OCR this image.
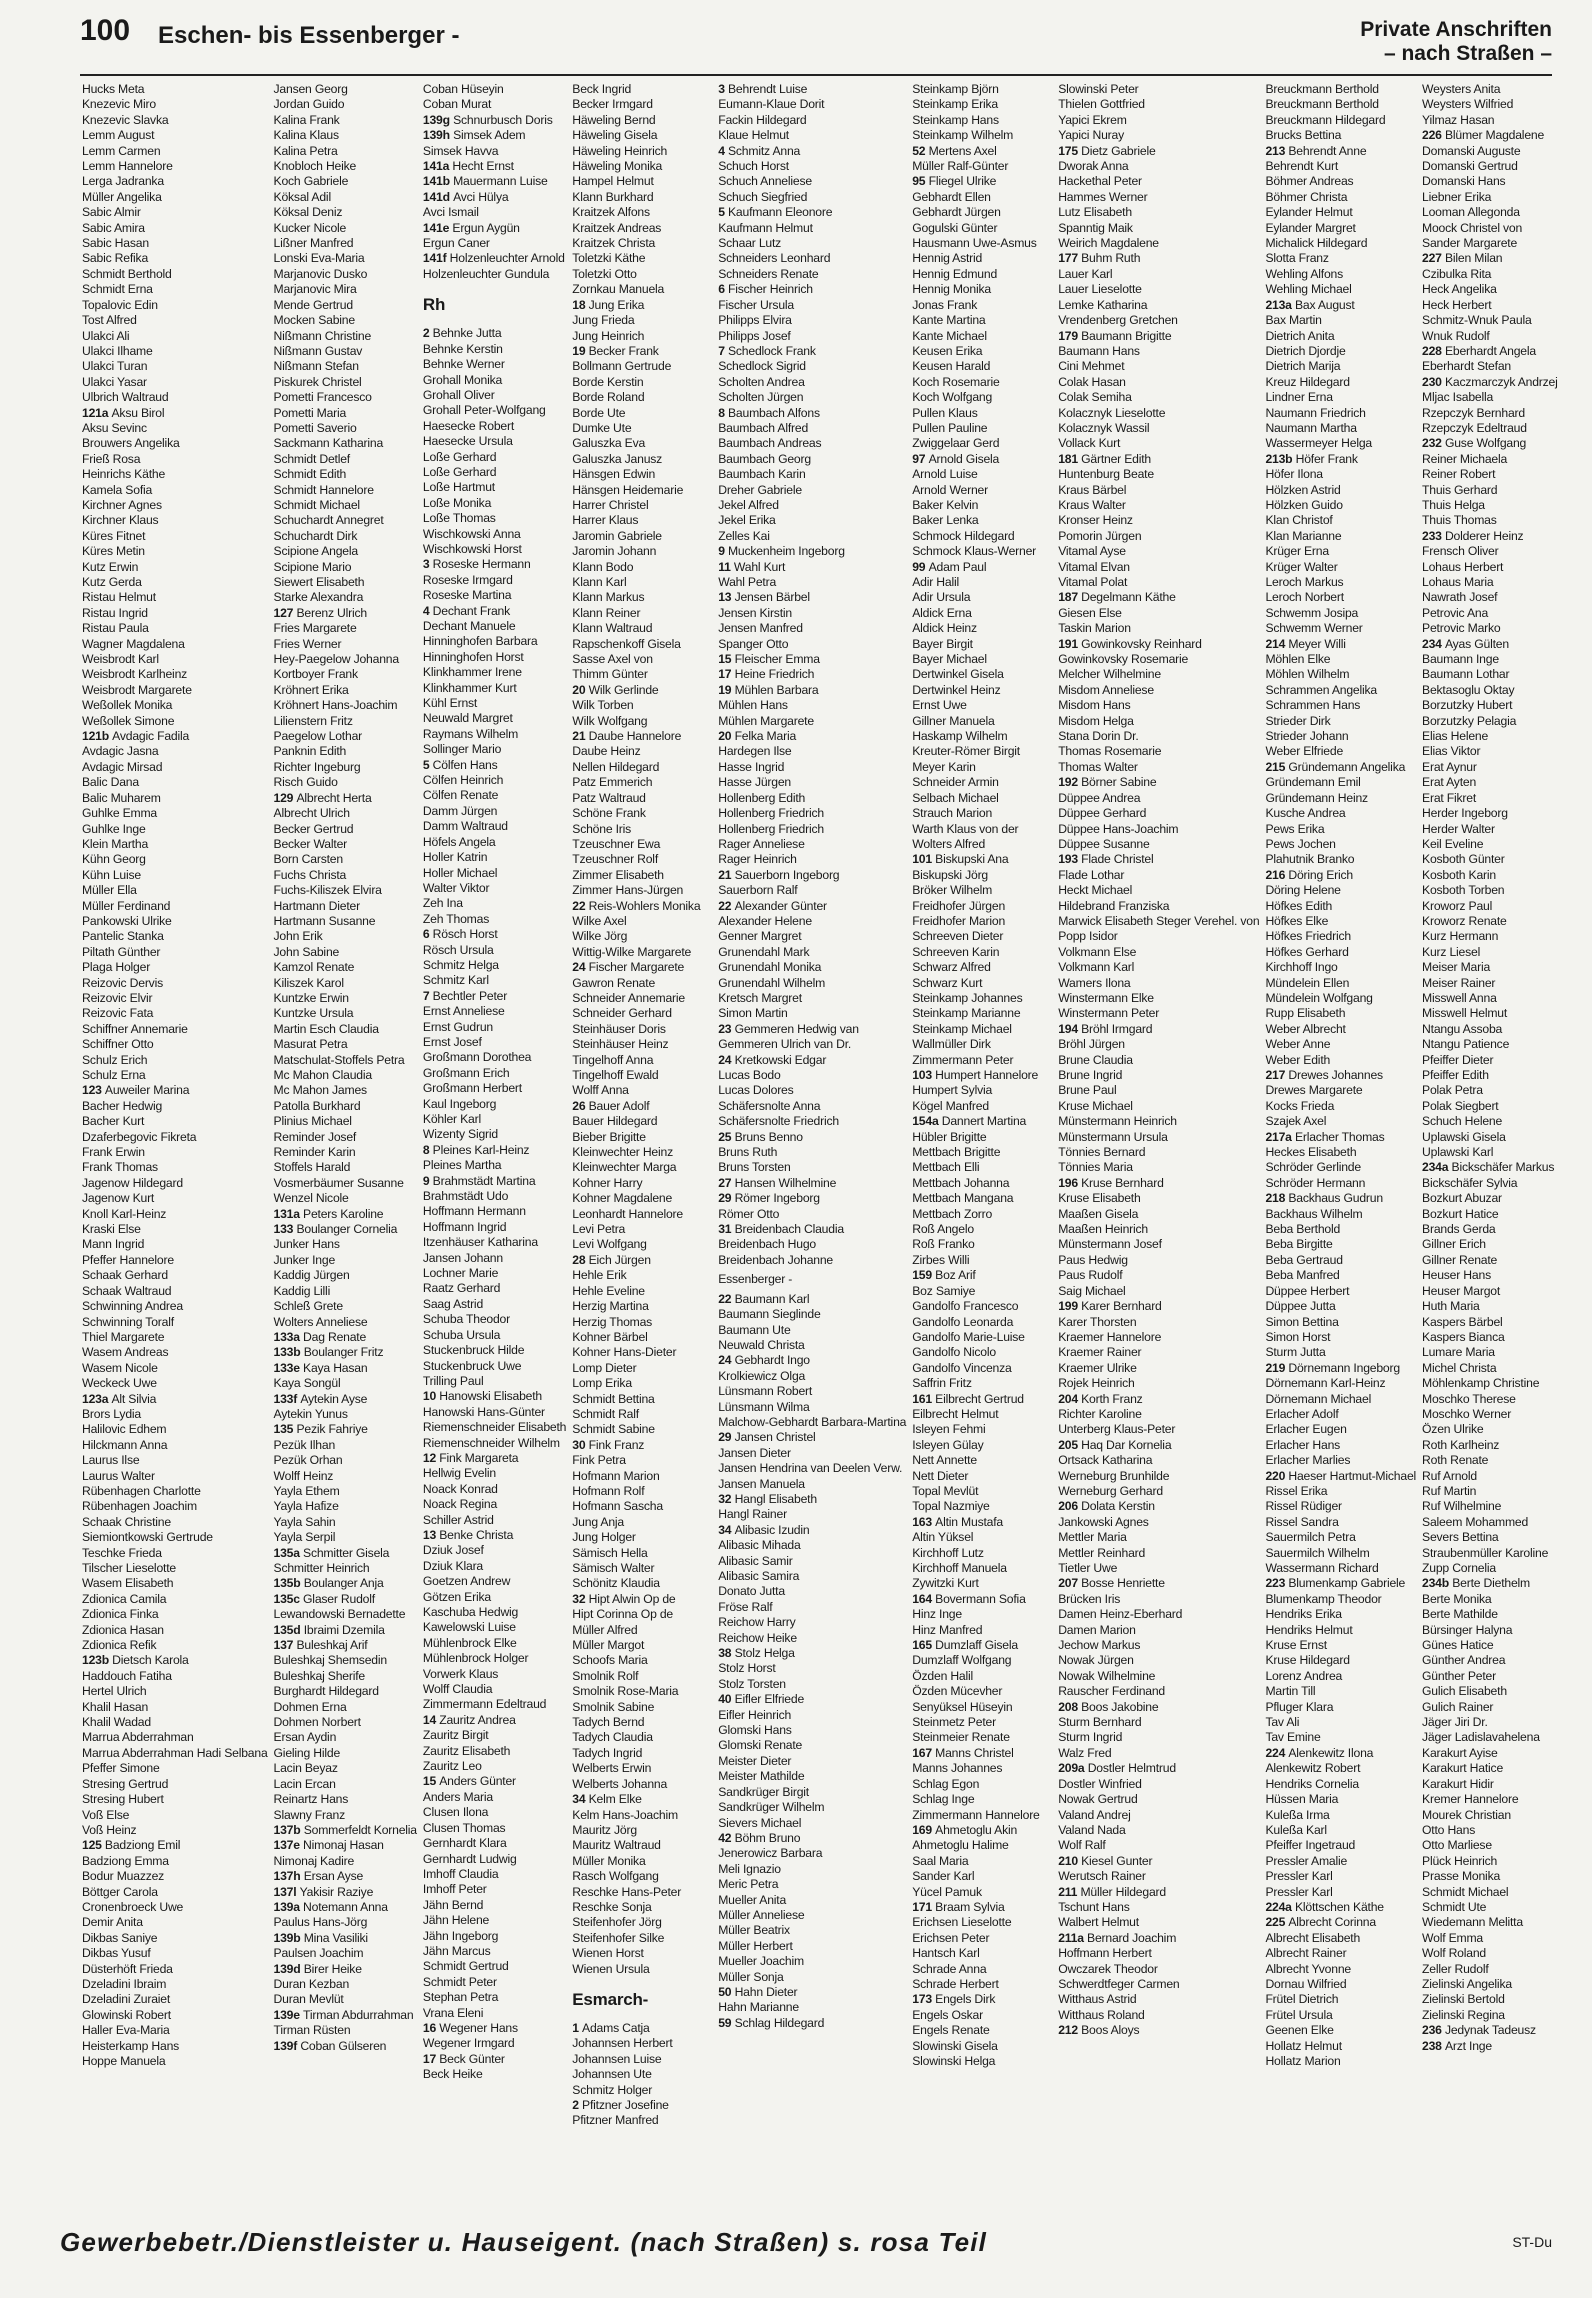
100 Eschen- bis Essenberger -	Private Anschriften
– nach Straßen –
Hucks Meta
Knezevic Miro
Knezevic Slavka
Lemm August
Lemm Carmen
Lemm Hannelore
Lerga Jadranka
Müller Angelika
Sabic Almir
Sabic Amira
Sabic Hasan
Sabic Refika
Schmidt Berthold
Schmidt Erna
Topalovic Edin
Tost Alfred
Ulakci Ali
Ulakci Ilhame
Ulakci Turan
Ulakci Yasar
Ulbrich Waltraud
121a Aksu Birol
Aksu Sevinc
Brouwers Angelika
Frieß Rosa
Heinrichs Käthe
Kamela Sofia
Kirchner Agnes
Kirchner Klaus
Küres Fitnet
Küres Metin
Kutz Erwin
Kutz Gerda
Ristau Helmut
Ristau Ingrid
Ristau Paula
Wagner Magdalena
Weisbrodt Karl
Weisbrodt Karlheinz
Weisbrodt Margarete
Weßollek Monika
Weßollek Simone
121b Avdagic Fadila
Avdagic Jasna
Avdagic Mirsad
Balic Dana
Balic Muharem
Guhlke Emma
Guhlke Inge
Klein Martha
Kühn Georg
Kühn Luise
Müller Ella
Müller Ferdinand
Pankowski Ulrike
Pantelic Stanka
Piltath Günther
Plaga Holger
Reizovic Dervis
Reizovic Elvir
Reizovic Fata
Schiffner Annemarie
Schiffner Otto
Schulz Erich
Schulz Erna
123 Auweiler Marina
Bacher Hedwig
Bacher Kurt
Dzaferbegovic Fikreta
Frank Erwin
Frank Thomas
Jagenow Hildegard
Jagenow Kurt
Knoll Karl-Heinz
Kraski Else
Mann Ingrid
Pfeffer Hannelore
Schaak Gerhard
Schaak Waltraud
Schwinning Andrea
Schwinning Toralf
Thiel Margarete
Wasem Andreas
Wasem Nicole
Weckeck Uwe
123a Alt Silvia
Brors Lydia
Halilovic Edhem
Hilckmann Anna
Laurus Ilse
Laurus Walter
Rübenhagen Charlotte
Rübenhagen Joachim
Schaak Christine
Siemiontkowski Gertrude
Teschke Frieda
Tilscher Lieselotte
Wasem Elisabeth
Zdionica Camila
Zdionica Finka
Zdionica Hasan
Zdionica Refik
123b Dietsch Karola
Haddouch Fatiha
Hertel Ulrich
Khalil Hasan
Khalil Wadad
Marrua Abderrahman
Marrua Abderrahman Hadi Selbana
Pfeffer Simone
Stresing Gertrud
Stresing Hubert
Voß Else
Voß Heinz
125 Badziong Emil
Badziong Emma
Bodur Muazzez
Böttger Carola
Cronenbroeck Uwe
Demir Anita
Dikbas Saniye
Dikbas Yusuf
Düsterhöft Frieda
Dzeladini Ibraim
Dzeladini Zuraiet
Glowinski Robert
Haller Eva-Maria
Heisterkamp Hans
Hoppe Manuela
Jansen Georg
Jordan Guido
Kalina Frank
Kalina Klaus
Kalina Petra
Knobloch Heike
Koch Gabriele
Köksal Adil
Köksal Deniz
Kucker Nicole
Lißner Manfred
Lonski Eva-Maria
Marjanovic Dusko
Marjanovic Mira
Mende Gertrud
Mocken Sabine
Nißmann Christine
Nißmann Gustav
Nißmann Stefan
Piskurek Christel
Pometti Francesco
Pometti Maria
Pometti Saverio
Sackmann Katharina
Schmidt Detlef
Schmidt Edith
Schmidt Hannelore
Schmidt Michael
Schuchardt Annegret
Schuchardt Dirk
Scipione Angela
Scipione Mario
Siewert Elisabeth
Starke Alexandra
127 Berenz Ulrich
Fries Margarete
Fries Werner
Hey-Paegelow Johanna
Kortboyer Frank
Kröhnert Erika
Kröhnert Hans-Joachim
Lilienstern Fritz
Paegelow Lothar
Panknin Edith
Richter Ingeburg
Risch Guido
129 Albrecht Herta
Albrecht Ulrich
Becker Gertrud
Becker Walter
Born Carsten
Fuchs Christa
Fuchs-Kiliszek Elvira
Hartmann Dieter
Hartmann Susanne
John Erik
John Sabine
Kamzol Renate
Kiliszek Karol
Kuntzke Erwin
Kuntzke Ursula
Martin Esch Claudia
Masurat Petra
Matschulat-Stoffels Petra
Mc Mahon Claudia
Mc Mahon James
Patolla Burkhard
Plinius Michael
Reminder Josef
Reminder Karin
Stoffels Harald
Vosmerbäumer Susanne
Wenzel Nicole
131a Peters Karoline
133 Boulanger Cornelia
Junker Hans
Junker Inge
Kaddig Jürgen
Kaddig Lilli
Schleß Grete
Wolters Anneliese
133a Dag Renate
133b Boulanger Fritz
133e Kaya Hasan
Kaya Songül
133f Aytekin Ayse
Aytekin Yunus
135 Pezik Fahriye
Pezük Ilhan
Pezük Orhan
Wolff Heinz
Yayla Ethem
Yayla Hafize
Yayla Sahin
Yayla Serpil
135a Schmitter Gisela
Schmitter Heinrich
135b Boulanger Anja
135c Glaser Rudolf
Lewandowski Bernadette
135d Ibraimi Dzemila
137 Buleshkaj Arif
Buleshkaj Shemsedin
Buleshkaj Sherife
Burghardt Hildegard
Dohmen Erna
Dohmen Norbert
Ersan Aydin
Gieling Hilde
Lacin Beyaz
Lacin Ercan
Reinartz Hans
Slawny Franz
137b Sommerfeldt Kornelia
137e Nimonaj Hasan
Nimonaj Kadire
137h Ersan Ayse
137l Yakisir Raziye
139a Notemann Anna
Paulus Hans-Jörg
139b Mina Vasiliki
Paulsen Joachim
139d Birer Heike
Duran Kezban
Duran Mevlüt
139e Tirman Abdurrahman
Tirman Rüsten
139f Coban Gülseren
Coban Hüseyin
Coban Murat
139g Schnurbusch Doris
139h Simsek Adem
Simsek Havva
141a Hecht Ernst
141b Mauermann Luise
141d Avci Hülya
Avci Ismail
141e Ergun Aygün
Ergun Caner
141f Holzenleuchter Arnold
Holzenleuchter Gundula
Rh
2 Behnke Jutta
Behnke Kerstin
Behnke Werner
Grohall Monika
Grohall Oliver
Grohall Peter-Wolfgang
Haesecke Robert
Haesecke Ursula
Loße Gerhard
Loße Gerhard
Loße Hartmut
Loße Monika
Loße Thomas
Wischkowski Anna
Wischkowski Horst
3 Roseske Hermann
Roseske Irmgard
Roseske Martina
4 Dechant Frank
Dechant Manuele
Hinninghofen Barbara
Hinninghofen Horst
Klinkhammer Irene
Klinkhammer Kurt
Kühl Ernst
Neuwald Margret
Raymans Wilhelm
Sollinger Mario
5 Cölfen Hans
Cölfen Heinrich
Cölfen Renate
Damm Jürgen
Damm Waltraud
Höfels Angela
Holler Katrin
Holler Michael
Walter Viktor
Zeh Ina
Zeh Thomas
6 Rösch Horst
Rösch Ursula
Schmitz Helga
Schmitz Karl
7 Bechtler Peter
Ernst Anneliese
Ernst Gudrun
Ernst Josef
Großmann Dorothea
Großmann Erich
Großmann Herbert
Kaul Ingeborg
Köhler Karl
Wizenty Sigrid
8 Pleines Karl-Heinz
Pleines Martha
9 Brahmstädt Martina
Brahmstädt Udo
Hoffmann Hermann
Hoffmann Ingrid
Itzenhäuser Katharina
Jansen Johann
Lochner Marie
Raatz Gerhard
Saag Astrid
Schuba Theodor
Schuba Ursula
Stuckenbruck Hilde
Stuckenbruck Uwe
Trilling Paul
10 Hanowski Elisabeth
Hanowski Hans-Günter
Riemenschneider Elisabeth
Riemenschneider Wilhelm
12 Fink Margareta
Hellwig Evelin
Noack Konrad
Noack Regina
Schiller Astrid
13 Benke Christa
Dziuk Josef
Dziuk Klara
Goetzen Andrew
Götzen Erika
Kaschuba Hedwig
Kawelowski Luise
Mühlenbrock Elke
Mühlenbrock Holger
Vorwerk Klaus
Wolff Claudia
Zimmermann Edeltraud
14 Zauritz Andrea
Zauritz Birgit
Zauritz Elisabeth
Zauritz Leo
15 Anders Günter
Anders Maria
Clusen Ilona
Clusen Thomas
Gernhardt Klara
Gernhardt Ludwig
Imhoff Claudia
Imhoff Peter
Jähn Bernd
Jähn Helene
Jähn Ingeborg
Jähn Marcus
Schmidt Gertrud
Schmidt Peter
Stephan Petra
Vrana Eleni
16 Wegener Hans
Wegener Irmgard
17 Beck Günter
Beck Heike
Beck Ingrid
Becker Irmgard
Häweling Bernd
Häweling Gisela
Häweling Heinrich
Häweling Monika
Hampel Helmut
Klann Burkhard
Kraitzek Alfons
Kraitzek Andreas
Kraitzek Christa
Toletzki Käthe
Toletzki Otto
Zornkau Manuela
18 Jung Erika
Jung Frieda
Jung Heinrich
19 Becker Frank
Bollmann Gertrude
Borde Kerstin
Borde Roland
Borde Ute
Dumke Ute
Galuszka Eva
Galuszka Janusz
Hänsgen Edwin
Hänsgen Heidemarie
Harrer Christel
Harrer Klaus
Jaromin Gabriele
Jaromin Johann
Klann Bodo
Klann Karl
Klann Markus
Klann Reiner
Klann Waltraud
Rapschenkoff Gisela
Sasse Axel von
Thimm Günter
20 Wilk Gerlinde
Wilk Torben
Wilk Wolfgang
21 Daube Hannelore
Daube Heinz
Nellen Hildegard
Patz Emmerich
Patz Waltraud
Schöne Frank
Schöne Iris
Tzeuschner Ewa
Tzeuschner Rolf
Zimmer Elisabeth
Zimmer Hans-Jürgen
22 Reis-Wohlers Monika
Wilke Axel
Wilke Jörg
Wittig-Wilke Margarete
24 Fischer Margarete
Gawron Renate
Schneider Annemarie
Schneider Gerhard
Steinhäuser Doris
Steinhäuser Heinz
Tingelhoff Anna
Tingelhoff Ewald
Wolff Anna
26 Bauer Adolf
Bauer Hildegard
Bieber Brigitte
Kleinwechter Heinz
Kleinwechter Marga
Kohner Harry
Kohner Magdalene
Leonhardt Hannelore
Levi Petra
Levi Wolfgang
28 Eich Jürgen
Hehle Erik
Hehle Eveline
Herzig Martina
Herzig Thomas
Kohner Bärbel
Kohner Hans-Dieter
Lomp Dieter
Lomp Erika
Schmidt Bettina
Schmidt Ralf
Schmidt Sabine
30 Fink Franz
Fink Petra
Hofmann Marion
Hofmann Rolf
Hofmann Sascha
Jung Anja
Jung Holger
Sämisch Hella
Sämisch Walter
Schönitz Klaudia
32 Hipt Alwin Op de
Hipt Corinna Op de
Müller Alfred
Müller Margot
Schoofs Maria
Smolnik Rolf
Smolnik Rose-Maria
Smolnik Sabine
Tadych Bernd
Tadych Claudia
Tadych Ingrid
Welberts Erwin
Welberts Johanna
34 Kelm Elke
Kelm Hans-Joachim
Mauritz Jörg
Mauritz Waltraud
Müller Monika
Rasch Wolfgang
Reschke Hans-Peter
Reschke Sonja
Steifenhofer Jörg
Steifenhofer Silke
Wienen Horst
Wienen Ursula
Esmarch-
1 Adams Catja
Johannsen Herbert
Johannsen Luise
Johannsen Ute
Schmitz Holger
2 Pfitzner Josefine
Pfitzner Manfred
3 Behrendt Luise
Eumann-Klaue Dorit
Fackin Hildegard
Klaue Helmut
4 Schmitz Anna
Schuch Horst
Schuch Anneliese
Schuch Siegfried
5 Kaufmann Eleonore
Kaufmann Helmut
Schaar Lutz
Schneiders Leonhard
Schneiders Renate
6 Fischer Heinrich
Fischer Ursula
Philipps Elvira
Philipps Josef
7 Schedlock Frank
Schedlock Sigrid
Scholten Andrea
Scholten Jürgen
8 Baumbach Alfons
Baumbach Alfred
Baumbach Andreas
Baumbach Georg
Baumbach Karin
Dreher Gabriele
Jekel Alfred
Jekel Erika
Zelles Kai
9 Muckenheim Ingeborg
11 Wahl Kurt
Wahl Petra
13 Jensen Bärbel
Jensen Kirstin
Jensen Manfred
Spanger Otto
15 Fleischer Emma
17 Heine Friedrich
19 Mühlen Barbara
Mühlen Hans
Mühlen Margarete
20 Felka Maria
Hardegen Ilse
Hasse Ingrid
Hasse Jürgen
Hollenberg Edith
Hollenberg Friedrich
Hollenberg Friedrich
Rager Anneliese
Rager Heinrich
21 Sauerborn Ingeborg
Sauerborn Ralf
22 Alexander Günter
Alexander Helene
Genner Margret
Grunendahl Mark
Grunendahl Monika
Grunendahl Wilhelm
Kretsch Margret
Simon Martin
23 Gemmeren Hedwig van
Gemmeren Ulrich van Dr.
24 Kretkowski Edgar
Lucas Bodo
Lucas Dolores
Schäfersnolte Anna
Schäfersnolte Friedrich
25 Bruns Benno
Bruns Ruth
Bruns Torsten
27 Hansen Wilhelmine
29 Römer Ingeborg
Römer Otto
31 Breidenbach Claudia
Breidenbach Hugo
Breidenbach Johanne
Essenberger -
22 Baumann Karl
Baumann Sieglinde
Baumann Ute
Neuwald Christa
24 Gebhardt Ingo
Krolkiewicz Olga
Lünsmann Robert
Lünsmann Wilma
Malchow-Gebhardt Barbara-Martina
29 Jansen Christel
Jansen Dieter
Jansen Hendrina van Deelen Verw.
Jansen Manuela
32 Hangl Elisabeth
Hangl Rainer
34 Alibasic Izudin
Alibasic Mihada
Alibasic Samir
Alibasic Samira
Donato Jutta
Fröse Ralf
Reichow Harry
Reichow Heike
38 Stolz Helga
Stolz Horst
Stolz Torsten
40 Eifler Elfriede
Eifler Heinrich
Glomski Hans
Glomski Renate
Meister Dieter
Meister Mathilde
Sandkrüger Birgit
Sandkrüger Wilhelm
Sievers Michael
42 Böhm Bruno
Jenerowicz Barbara
Meli Ignazio
Meric Petra
Mueller Anita
Müller Anneliese
Müller Beatrix
Müller Herbert
Mueller Joachim
Müller Sonja
50 Hahn Dieter
Hahn Marianne
59 Schlag Hildegard
Steinkamp Björn
Steinkamp Erika
Steinkamp Hans
Steinkamp Wilhelm
52 Mertens Axel
Müller Ralf-Günter
95 Fliegel Ulrike
Gebhardt Ellen
Gebhardt Jürgen
Gogulski Günter
Hausmann Uwe-Asmus
Hennig Astrid
Hennig Edmund
Hennig Monika
Jonas Frank
Kante Martina
Kante Michael
Keusen Erika
Keusen Harald
Koch Rosemarie
Koch Wolfgang
Pullen Klaus
Pullen Pauline
Zwiggelaar Gerd
97 Arnold Gisela
Arnold Luise
Arnold Werner
Baker Kelvin
Baker Lenka
Schmock Hildegard
Schmock Klaus-Werner
99 Adam Paul
Adir Halil
Adir Ursula
Aldick Erna
Aldick Heinz
Bayer Birgit
Bayer Michael
Dertwinkel Gisela
Dertwinkel Heinz
Ernst Uwe
Gillner Manuela
Haskamp Wilhelm
Kreuter-Römer Birgit
Meyer Karin
Schneider Armin
Selbach Michael
Strauch Marion
Warth Klaus von der
Wolters Alfred
101 Biskupski Ana
Biskupski Jörg
Bröker Wilhelm
Freidhofer Jürgen
Freidhofer Marion
Schreeven Dieter
Schreeven Karin
Schwarz Alfred
Schwarz Kurt
Steinkamp Johannes
Steinkamp Marianne
Steinkamp Michael
Wallmüller Dirk
Zimmermann Peter
103 Humpert Hannelore
Humpert Sylvia
Kögel Manfred
154a Dannert Martina
Hübler Brigitte
Mettbach Brigitte
Mettbach Elli
Mettbach Johanna
Mettbach Mangana
Mettbach Zorro
Roß Angelo
Roß Franko
Zirbes Willi
159 Boz Arif
Boz Samiye
Gandolfo Francesco
Gandolfo Leonarda
Gandolfo Marie-Luise
Gandolfo Nicolo
Gandolfo Vincenza
Saffrin Fritz
161 Eilbrecht Gertrud
Eilbrecht Helmut
Isleyen Fehmi
Isleyen Gülay
Nett Annette
Nett Dieter
Topal Mevlüt
Topal Nazmiye
163 Altin Mustafa
Altin Yüksel
Kirchhoff Lutz
Kirchhoff Manuela
Zywitzki Kurt
164 Bovermann Sofia
Hinz Inge
Hinz Manfred
165 Dumzlaff Gisela
Dumzlaff Wolfgang
Özden Halil
Özden Mücevher
Senyüksel Hüseyin
Steinmetz Peter
Steinmeier Renate
167 Manns Christel
Manns Johannes
Schlag Egon
Schlag Inge
Zimmermann Hannelore
169 Ahmetoglu Akin
Ahmetoglu Halime
Saal Maria
Sander Karl
Yücel Pamuk
171 Braam Sylvia
Erichsen Lieselotte
Erichsen Peter
Hantsch Karl
Schrade Anna
Schrade Herbert
173 Engels Dirk
Engels Oskar
Engels Renate
Slowinski Gisela
Slowinski Helga
Slowinski Peter
Thielen Gottfried
Yapici Ekrem
Yapici Nuray
175 Dietz Gabriele
Dworak Anna
Hackethal Peter
Hammes Werner
Lutz Elisabeth
Spanntig Maik
Weirich Magdalene
177 Buhm Ruth
Lauer Karl
Lauer Lieselotte
Lemke Katharina
Vrendenberg Gretchen
179 Baumann Brigitte
Baumann Hans
Cini Mehmet
Colak Hasan
Colak Semiha
Kolacznyk Lieselotte
Kolacznyk Wassil
Vollack Kurt
181 Gärtner Edith
Huntenburg Beate
Kraus Bärbel
Kraus Walter
Kronser Heinz
Pomorin Jürgen
Vitamal Ayse
Vitamal Elvan
Vitamal Polat
187 Degelmann Käthe
Giesen Else
Taskin Marion
191 Gowinkovsky Reinhard
Gowinkovsky Rosemarie
Melcher Wilhelmine
Misdom Anneliese
Misdom Hans
Misdom Helga
Stana Dorin Dr.
Thomas Rosemarie
Thomas Walter
192 Börner Sabine
Düppee Andrea
Düppee Gerhard
Düppee Hans-Joachim
Düppee Susanne
193 Flade Christel
Flade Lothar
Heckt Michael
Hildebrand Franziska
Marwick Elisabeth Steger Verehel. von
Popp Isidor
Volkmann Else
Volkmann Karl
Wamers Ilona
Winstermann Elke
Winstermann Peter
194 Bröhl Irmgard
Bröhl Jürgen
Brune Claudia
Brune Ingrid
Brune Paul
Kruse Michael
Münstermann Heinrich
Münstermann Ursula
Tönnies Bernard
Tönnies Maria
196 Kruse Bernhard
Kruse Elisabeth
Maaßen Gisela
Maaßen Heinrich
Münstermann Josef
Paus Hedwig
Paus Rudolf
Saig Michael
199 Karer Bernhard
Karer Thorsten
Kraemer Hannelore
Kraemer Rainer
Kraemer Ulrike
Rojek Heinrich
204 Korth Franz
Richter Karoline
Unterberg Klaus-Peter
205 Haq Dar Kornelia
Ortsack Katharina
Werneburg Brunhilde
Werneburg Gerhard
206 Dolata Kerstin
Jankowski Agnes
Mettler Maria
Mettler Reinhard
Tietler Uwe
207 Bosse Henriette
Brücken Iris
Damen Heinz-Eberhard
Damen Marion
Jechow Markus
Nowak Jürgen
Nowak Wilhelmine
Rauscher Ferdinand
208 Boos Jakobine
Sturm Bernhard
Sturm Ingrid
Walz Fred
209a Dostler Helmtrud
Dostler Winfried
Nowak Gertrud
Valand Andrej
Valand Nada
Wolf Ralf
210 Kiesel Gunter
Werutsch Rainer
211 Müller Hildegard
Tschunt Hans
Walbert Helmut
211a Bernard Joachim
Hoffmann Herbert
Owczarek Theodor
Schwerdtfeger Carmen
Witthaus Astrid
Witthaus Roland
212 Boos Aloys
Breuckmann Berthold
Breuckmann Berthold
Breuckmann Hildegard
Brucks Bettina
213 Behrendt Anne
Behrendt Kurt
Böhmer Andreas
Böhmer Christa
Eylander Helmut
Eylander Margret
Michalick Hildegard
Slotta Franz
Wehling Alfons
Wehling Michael
213a Bax August
Bax Martin
Dietrich Anita
Dietrich Djordje
Dietrich Marija
Kreuz Hildegard
Lindner Erna
Naumann Friedrich
Naumann Martha
Wassermeyer Helga
213b Höfer Frank
Höfer Ilona
Hölzken Astrid
Hölzken Guido
Klan Christof
Klan Marianne
Krüger Erna
Krüger Walter
Leroch Markus
Leroch Norbert
Schwemm Josipa
Schwemm Werner
214 Meyer Willi
Möhlen Elke
Möhlen Wilhelm
Schrammen Angelika
Schrammen Hans
Strieder Dirk
Strieder Johann
Weber Elfriede
215 Gründemann Angelika
Gründemann Emil
Gründemann Heinz
Kusche Andrea
Pews Erika
Pews Jochen
Plahutnik Branko
216 Döring Erich
Döring Helene
Höfkes Edith
Höfkes Elke
Höfkes Friedrich
Höfkes Gerhard
Kirchhoff Ingo
Mündelein Ellen
Mündelein Wolfgang
Rupp Elisabeth
Weber Albrecht
Weber Anne
Weber Edith
217 Drewes Johannes
Drewes Margarete
Kocks Frieda
Szajek Axel
217a Erlacher Thomas
Heckes Elisabeth
Schröder Gerlinde
Schröder Hermann
218 Backhaus Gudrun
Backhaus Wilhelm
Beba Berthold
Beba Birgitte
Beba Gertraud
Beba Manfred
Düppee Herbert
Düppee Jutta
Simon Bettina
Simon Horst
Sturm Jutta
219 Dörnemann Ingeborg
Dörnemann Karl-Heinz
Dörnemann Michael
Erlacher Adolf
Erlacher Eugen
Erlacher Hans
Erlacher Marlies
220 Haeser Hartmut-Michael
Rissel Erika
Rissel Rüdiger
Rissel Sandra
Sauermilch Petra
Sauermilch Wilhelm
Wassermann Richard
223 Blumenkamp Gabriele
Blumenkamp Theodor
Hendriks Erika
Hendriks Helmut
Kruse Ernst
Kruse Hildegard
Lorenz Andrea
Martin Till
Pfluger Klara
Tav Ali
Tav Emine
224 Alenkewitz Ilona
Alenkewitz Robert
Hendriks Cornelia
Hüssen Maria
Kuleßa Irma
Kuleßa Karl
Pfeiffer Ingetraud
Pressler Amalie
Pressler Karl
Pressler Karl
224a Klöttschen Käthe
225 Albrecht Corinna
Albrecht Elisabeth
Albrecht Rainer
Albrecht Yvonne
Dornau Wilfried
Frütel Dietrich
Frütel Ursula
Geenen Elke
Hollatz Helmut
Hollatz Marion
Weysters Anita
Weysters Wilfried
Yilmaz Hasan
226 Blümer Magdalene
Domanski Auguste
Domanski Gertrud
Domanski Hans
Liebner Erika
Looman Allegonda
Moock Christel von
Sander Margarete
227 Bilen Milan
Czibulka Rita
Heck Angelika
Heck Herbert
Schmitz-Wnuk Paula
Wnuk Rudolf
228 Eberhardt Angela
Eberhardt Stefan
230 Kaczmarczyk Andrzej
Mljac Isabella
Rzepczyk Bernhard
Rzepczyk Edeltraud
232 Guse Wolfgang
Reiner Michaela
Reiner Robert
Thuis Gerhard
Thuis Helga
Thuis Thomas
233 Dolderer Heinz
Frensch Oliver
Lohaus Herbert
Lohaus Maria
Nawrath Josef
Petrovic Ana
Petrovic Marko
234 Ayas Gülten
Baumann Inge
Baumann Lothar
Bektasoglu Oktay
Borzutzky Hubert
Borzutzky Pelagia
Elias Helene
Elias Viktor
Erat Aynur
Erat Ayten
Erat Fikret
Herder Ingeborg
Herder Walter
Keil Eveline
Kosboth Günter
Kosboth Karin
Kosboth Torben
Kroworz Paul
Kroworz Renate
Kurz Hermann
Kurz Liesel
Meiser Maria
Meiser Rainer
Misswell Anna
Misswell Helmut
Ntangu Assoba
Ntangu Patience
Pfeiffer Dieter
Pfeiffer Edith
Polak Petra
Polak Siegbert
Schuch Helene
Uplawski Gisela
Uplawski Karl
234a Bickschäfer Markus
Bickschäfer Sylvia
Bozkurt Abuzar
Bozkurt Hatice
Brands Gerda
Gillner Erich
Gillner Renate
Heuser Hans
Heuser Margot
Huth Maria
Kaspers Bärbel
Kaspers Bianca
Lumare Maria
Michel Christa
Möhlenkamp Christine
Moschko Therese
Moschko Werner
Özen Ulrike
Roth Karlheinz
Roth Renate
Ruf Arnold
Ruf Martin
Ruf Wilhelmine
Saleem Mohammed
Severs Bettina
Straubenmüller Karoline
Zupp Cornelia
234b Berte Diethelm
Berte Monika
Berte Mathilde
Bürsinger Halyna
Günes Hatice
Günther Andrea
Günther Peter
Gulich Elisabeth
Gulich Rainer
Jäger Jiri Dr.
Jäger Ladislavahelena
Karakurt Ayise
Karakurt Hatice
Karakurt Hidir
Kremer Hannelore
Mourek Christian
Otto Hans
Otto Marliese
Plück Heinrich
Prasse Monika
Schmidt Michael
Schmidt Ute
Wiedemann Melitta
Wolf Emma
Wolf Roland
Zeller Rudolf
Zielinski Angelika
Zielinski Bertold
Zielinski Regina
236 Jedynak Tadeusz
238 Arzt Inge
Gewerbebetr./Dienstleister u. Hauseigent. (nach Straßen) s. rosa Teil	ST-Du
